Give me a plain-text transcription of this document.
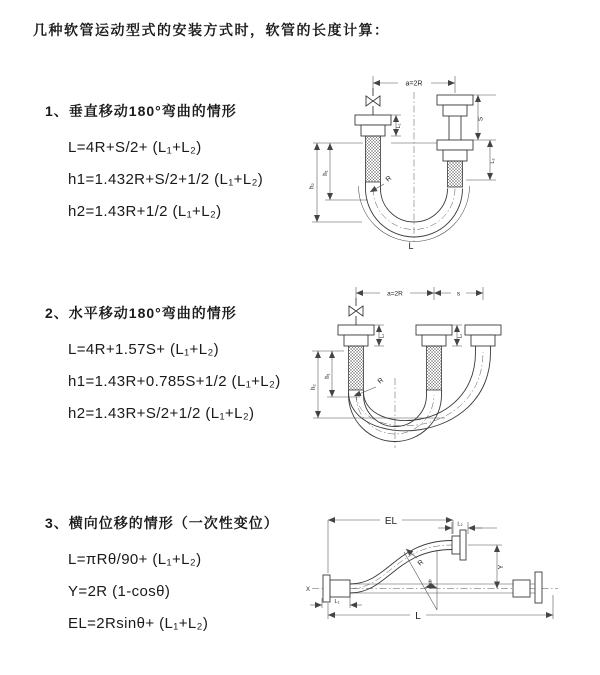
几种软管运动型式的安装方式时，软管的长度计算：
1、垂直移动180°弯曲的情形
L=4R+S/2+ (L₁+L₂)
h1=1.432R+S/2+1/2 (L₁+L₂)
h2=1.43R+1/2 (L₁+L₂)
2、水平移动180°弯曲的情形
L=4R+1.57S+ (L₁+L₂)
h1=1.43R+0.785S+1/2 (L₁+L₂)
h2=1.43R+S/2+1/2 (L₁+L₂)
3、横向位移的情形（一次性变位）
L=πRθ/90+ (L₁+L₂)
Y=2R (1-cosθ)
EL=2Rsinθ+ (L₁+L₂)
a=2R
h₁
h₂
L₁
S
L₂
R
L
a=2R	s
h₁
h₂
L₁	L₂
R
X
EL	L₂
Y
R
θ
L₁
L
